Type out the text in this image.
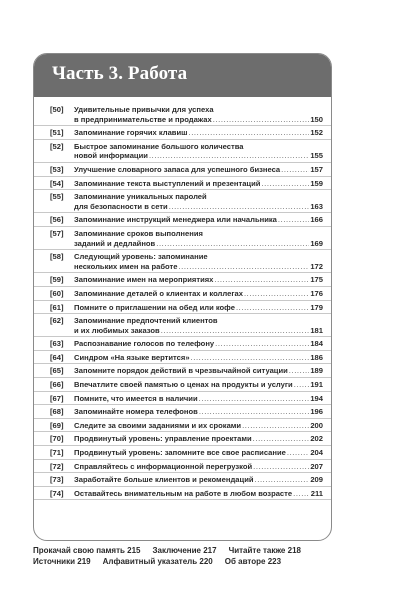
Часть 3. Работа
[50] Удивительные привычки для успеха
в предпринимательстве и продажах .....	150
[51] Запоминание горячих клавиш .....	152
[52] Быстрое запоминание большого количества
новой информации .....	155
[53] Улучшение словарного запаса для успешного бизнеса .....	157
[54] Запоминание текста выступлений и презентаций .....	159
[55] Запоминание уникальных паролей
для безопасности в сети .....	163
[56] Запоминание инструкций менеджера или начальника .....	166
[57] Запоминание сроков выполнения
заданий и дедлайнов .....	169
[58] Следующий уровень: запоминание
нескольких имен на работе .....	172
[59] Запоминание имен на мероприятиях .....	175
[60] Запоминание деталей о клиентах и коллегах .....	176
[61] Помните о приглашении на обед или кофе .....	179
[62] Запоминание предпочтений клиентов
и их любимых заказов .....	181
[63] Распознавание голосов по телефону .....	184
[64] Синдром «На языке вертится» .....	186
[65] Запомните порядок действий в чрезвычайной ситуации .....	189
[66] Впечатлите своей памятью о ценах на продукты и услуги ..... 191
[67] Помните, что имеется в наличии .....	194
[68] Запоминайте номера телефонов .....	196
[69] Следите за своими заданиями и их сроками .....	200
[70] Продвинутый уровень: управление проектами .....	202
[71] Продвинутый уровень: запомните все свое расписание .....	204
[72] Справляйтесь с информационной перегрузкой .....	207
[73] Заработайте больше клиентов и рекомендаций .....	209
[74] Оставайтесь внимательным на работе в любом возрасте ..... 211
Прокачай свою память 215 Заключение 217 Читайте также 218
Источники 219 Алфавитный указатель 220 Об авторе 223
